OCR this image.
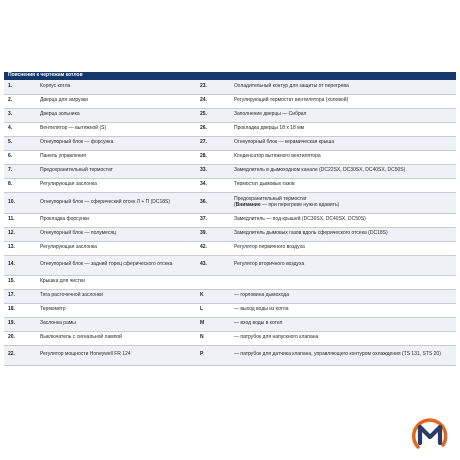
Пояснения к чертежам котлов			
1.	Корпус котла	23.	Охладительный контур для защиты от перегрева
2.	Дверца для загрузки	24.	Регулирующий термостат вентилятора (холовой)
3.	Дверца зольника	25.	Заполнение дверцы — Сибрал
4.	Вентилятор — вытяжной (S)	26.	Прокладка дверцы 18 x 18 мм
5.	Огнеупорный блок — форсунка	27.	Огнеупорный блок — керамическая крыша
6.	Панель управления	28.	Конденсатор вытяжного вентилятора
7.	Предохранительный термостат	33.	Замедлитель в дымоходном канале (DC22SX, DC30SX, DC40SX, DC50S)
8.	Регулирующая заслонка	34.	Термостат дымовых газов
10.	Огнеупорный блок — сферический отсек Л + П (DC18S)	36.	Предохранительный термостат
(Внимание — при перегреве нужно вдавить)
11.	Прокладка форсунки	37.	Замедлитель — под крышей (DC30SX, DC40SX, DC50S)
12.	Огнеупорный блок — полумесяц	39.	Замедлитель дымовых газов вдоль сферического отсека (DC18S)
13.	Регулирующая заслонка	42.	Регулятор первичного воздуха
14.	Огнеупорный блок — задний торец сферического отсека	43.	Регулятор вторичного воздуха
15.	Крышка для чистки		
17.	Тяга расточечной заслонки	K	— горловина дымохода
18.	Термометр	L	— выход воды из котла
19.	Заслонка рамы	M	— вход воды в котел
20.	Выключатель с сигнальной лампой	N	— патрубок для напускного клапана
22.	Регулятор мощности Honeywell FR 124	P	— патрубок для датчика клапана, управляющего контуром охлаждения (TS 131, STS 20)
